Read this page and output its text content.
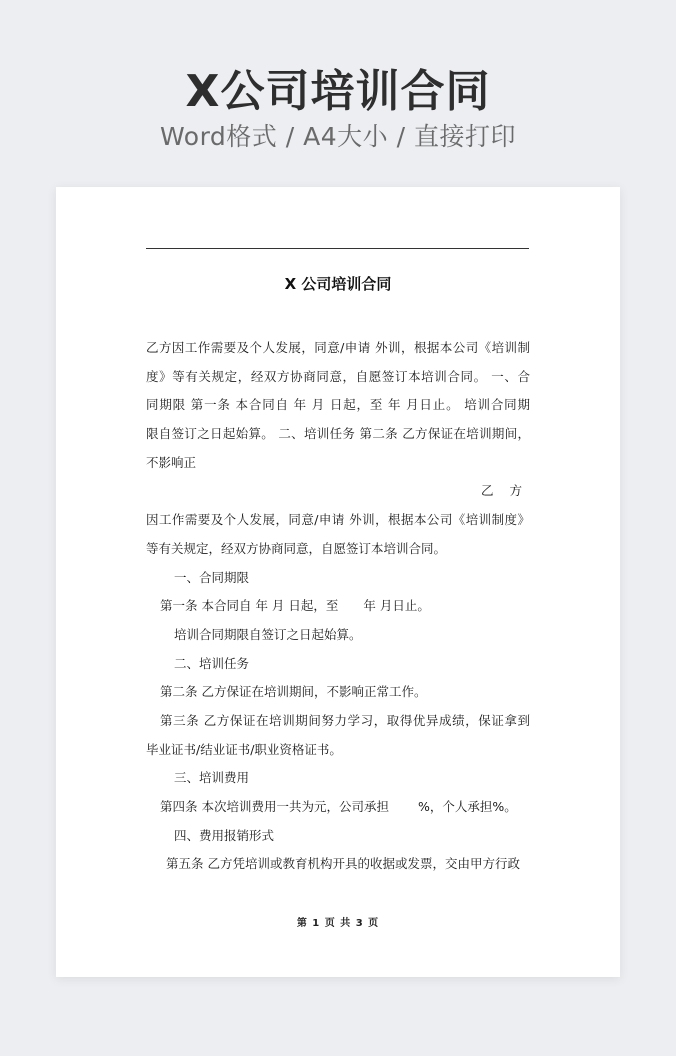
X公司培训合同
Word格式 / A4大小 / 直接打印
X 公司培训合同
乙方因工作需要及个人发展，同意/申请 外训，根据本公司《培训制
度》等有关规定，经双方协商同意，自愿签订本培训合同。 一、合
同期限 第一条 本合同自 年 月 日起，至 年 月日止。 培训合同期
限自签订之日起始算。 二、培训任务 第二条 乙方保证在培训期间，
不影响正
乙 方
因工作需要及个人发展，同意/申请 外训，根据本公司《培训制度》
等有关规定，经双方协商同意，自愿签订本培训合同。
一、合同期限
第一条 本合同自 年 月 日起，至　　年 月日止。
培训合同期限自签订之日起始算。
二、培训任务
第二条 乙方保证在培训期间，不影响正常工作。
第三条 乙方保证在培训期间努力学习，取得优异成绩，保证拿到
毕业证书/结业证书/职业资格证书。
三、培训费用
第四条 本次培训费用一共为元，公司承担　　 %，个人承担%。
四、费用报销形式
第五条 乙方凭培训或教育机构开具的收据或发票，交由甲方行政
第 1 页 共 3 页
